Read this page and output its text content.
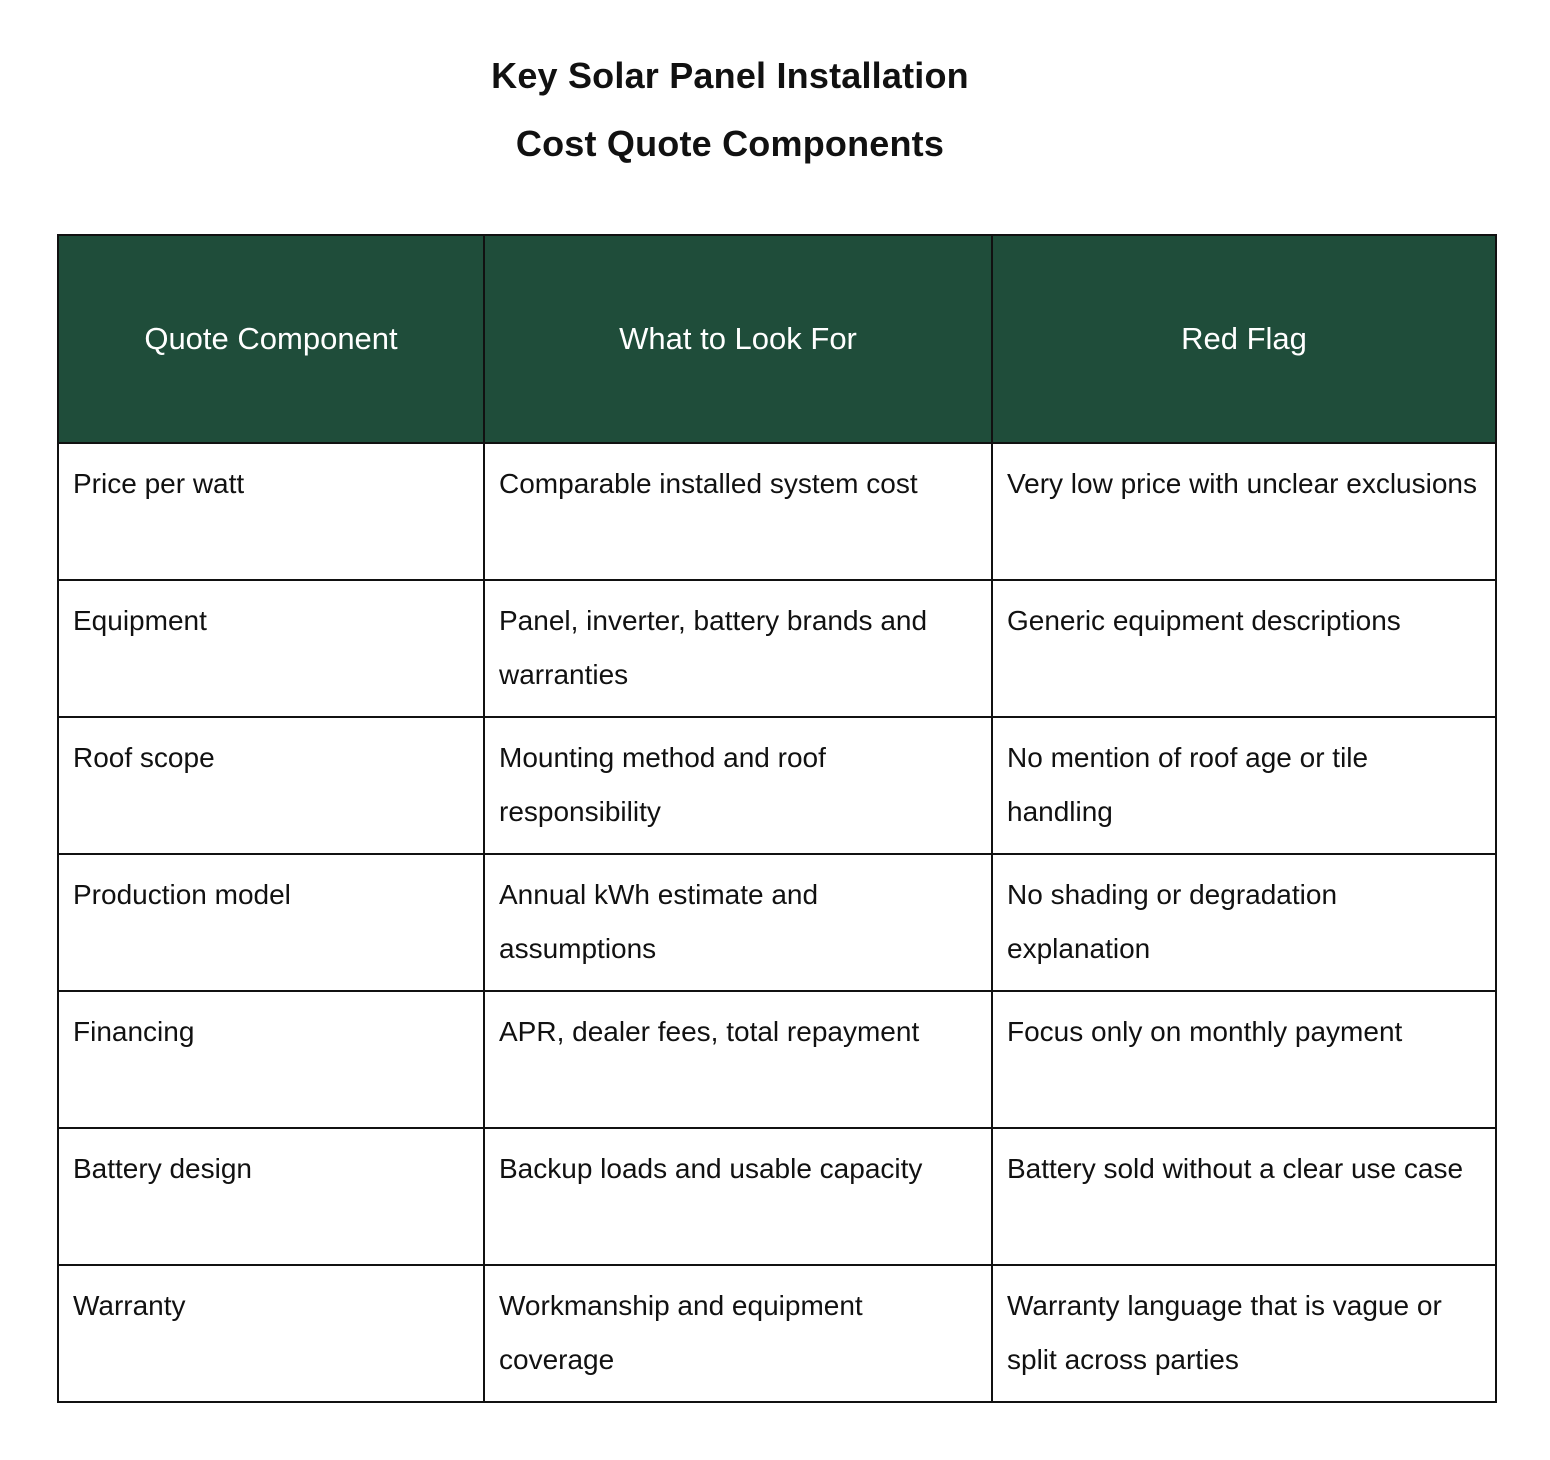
Key Solar Panel Installation

Cost Quote Components

Quote Component	What to Look For	Red Flag
Price per watt	Comparable installed system cost	Very low price with unclear exclusions
Equipment	Panel, inverter, battery brands and warranties	Generic equipment descriptions
Roof scope	Mounting method and roof responsibility	No mention of roof age or tile handling
Production model	Annual kWh estimate and assumptions	No shading or degradation explanation
Financing	APR, dealer fees, total repayment	Focus only on monthly payment
Battery design	Backup loads and usable capacity	Battery sold without a clear use case
Warranty	Workmanship and equipment coverage	Warranty language that is vague or split across parties
